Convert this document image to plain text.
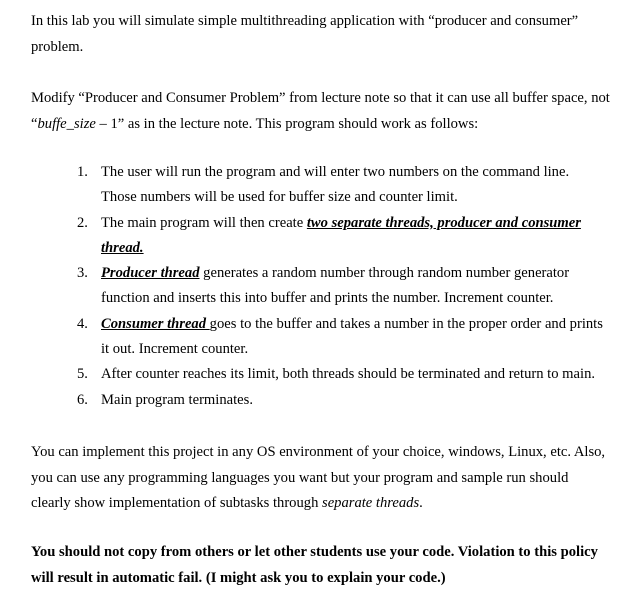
In this lab you will simulate simple multithreading application with “producer and consumer” problem.

Modify “Producer and Consumer Problem” from lecture note so that it can use all buffer space, not “buffe_size – 1” as in the lecture note. This program should work as follows:

1. The user will run the program and will enter two numbers on the command line. Those numbers will be used for buffer size and counter limit.
2. The main program will then create two separate threads, producer and consumer thread.
3. Producer thread generates a random number through random number generator function and inserts this into buffer and prints the number. Increment counter.
4. Consumer thread goes to the buffer and takes a number in the proper order and prints it out. Increment counter.
5. After counter reaches its limit, both threads should be terminated and return to main.
6. Main program terminates.

You can implement this project in any OS environment of your choice, windows, Linux, etc. Also, you can use any programming languages you want but your program and sample run should clearly show implementation of subtasks through separate threads.

You should not copy from others or let other students use your code. Violation to this policy will result in automatic fail. (I might ask you to explain your code.)
